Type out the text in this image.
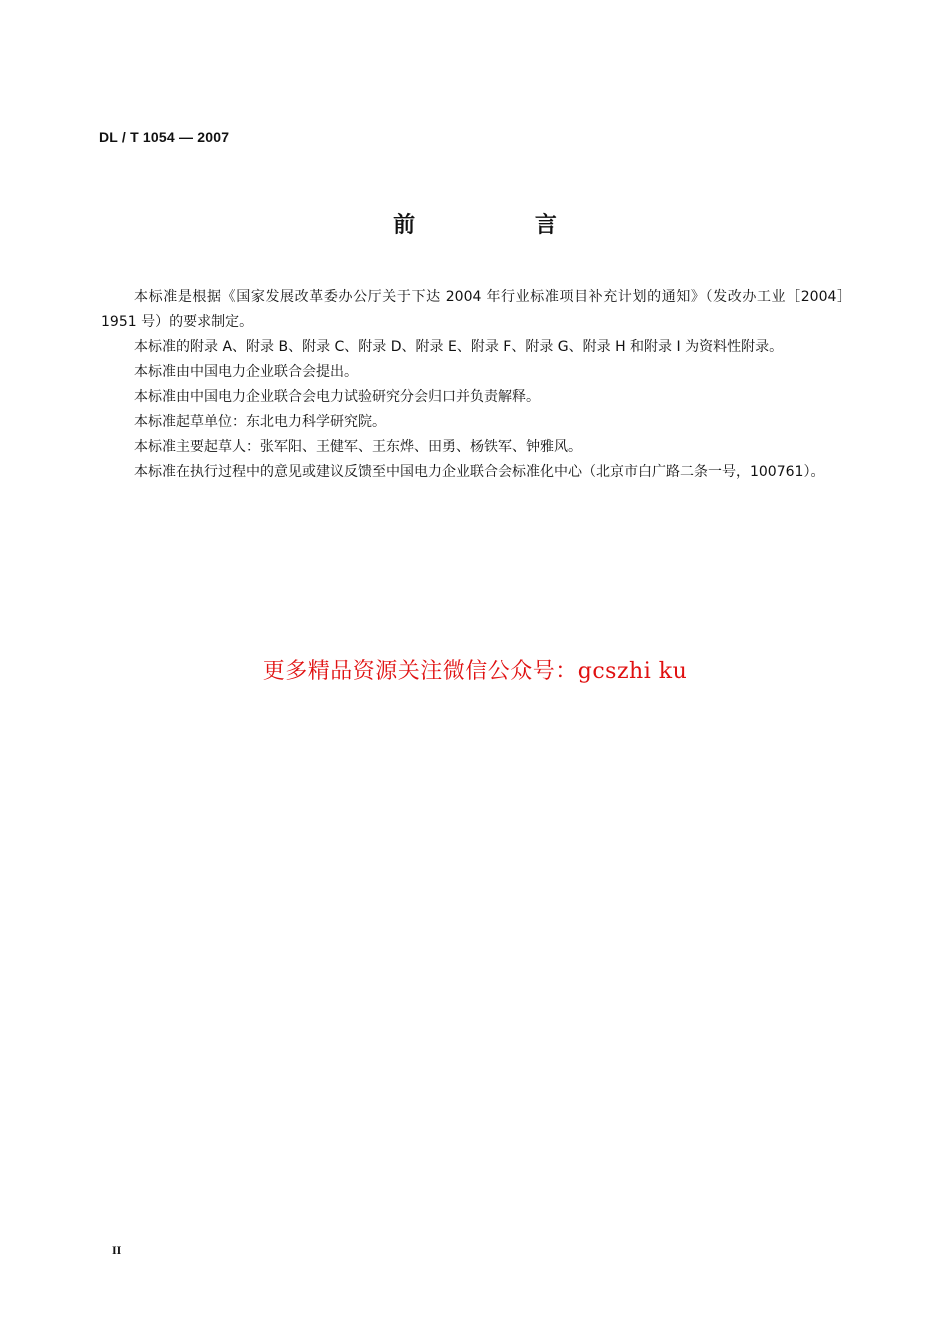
DL / T 1054 — 2007
前 言

本标准是根据《国家发展改革委办公厅关于下达 2004 年行业标准项目补充计划的通知》（发改办工业［2004］1951 号）的要求制定。

本标准的附录 A、附录 B、附录 C、附录 D、附录 E、附录 F、附录 G、附录 H 和附录 I 为资料性附录。

本标准由中国电力企业联合会提出。

本标准由中国电力企业联合会电力试验研究分会归口并负责解释。

本标准起草单位：东北电力科学研究院。

本标准主要起草人：张军阳、王健军、王东烨、田勇、杨铁军、钟雅风。

本标准在执行过程中的意见或建议反馈至中国电力企业联合会标准化中心（北京市白广路二条一号，100761）。

更多精品资源关注微信公众号：gcszhi ku
II
